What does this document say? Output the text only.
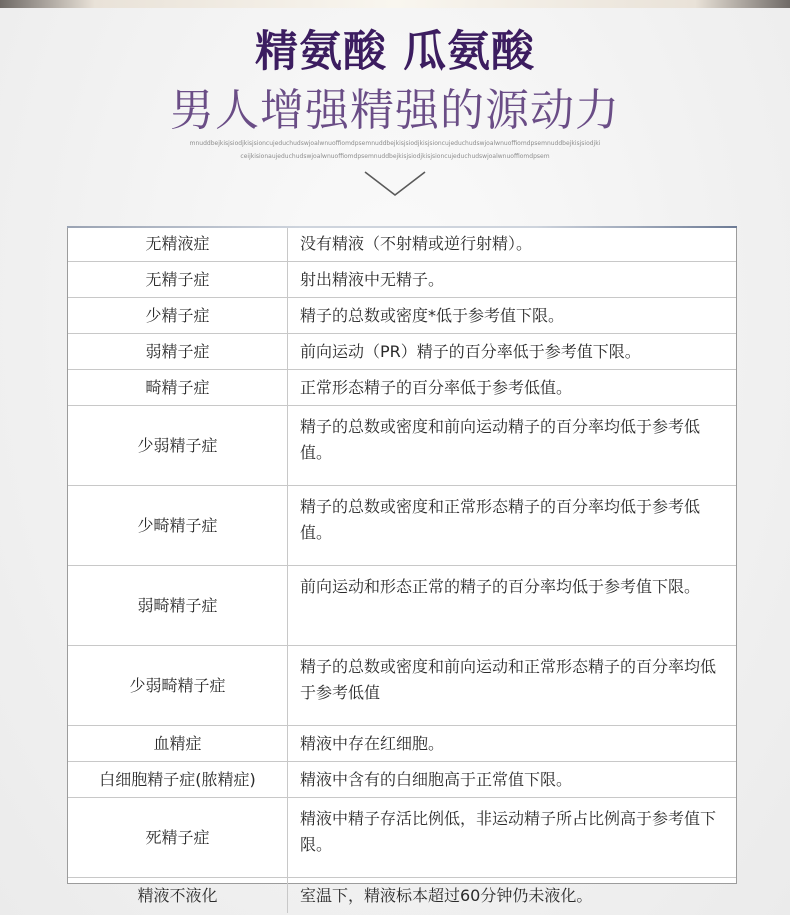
精氨酸 瓜氨酸
男人增强精强的源动力
mnuddbejkisjsiodjkisjsioncujeduchudswjoalwnuoffiomdpsemnuddbejkisjsiodjkisjsioncujeduchudswjoalwnuoffiomdpsemnuddbejkisjsiodjki
ceijkisionaujeduchudswjoalwnuoffiomdpsemnuddbejkisjsiodjkisjsioncujeduchudswjoalwnuoffiomdpsem
无精液症	没有精液（不射精或逆行射精）。
无精子症	射出精液中无精子。
少精子症	精子的总数或密度*低于参考值下限。
弱精子症	前向运动（PR）精子的百分率低于参考值下限。
畸精子症	正常形态精子的百分率低于参考低值。
少弱精子症	精子的总数或密度和前向运动精子的百分率均低于参考低值。
少畸精子症	精子的总数或密度和正常形态精子的百分率均低于参考低值。
弱畸精子症	前向运动和形态正常的精子的百分率均低于参考值下限。
少弱畸精子症	精子的总数或密度和前向运动和正常形态精子的百分率均低于参考低值
血精症	精液中存在红细胞。
白细胞精子症(脓精症)	精液中含有的白细胞高于正常值下限。
死精子症	精液中精子存活比例低，非运动精子所占比例高于参考值下限。
精液不液化	室温下，精液标本超过60分钟仍未液化。
